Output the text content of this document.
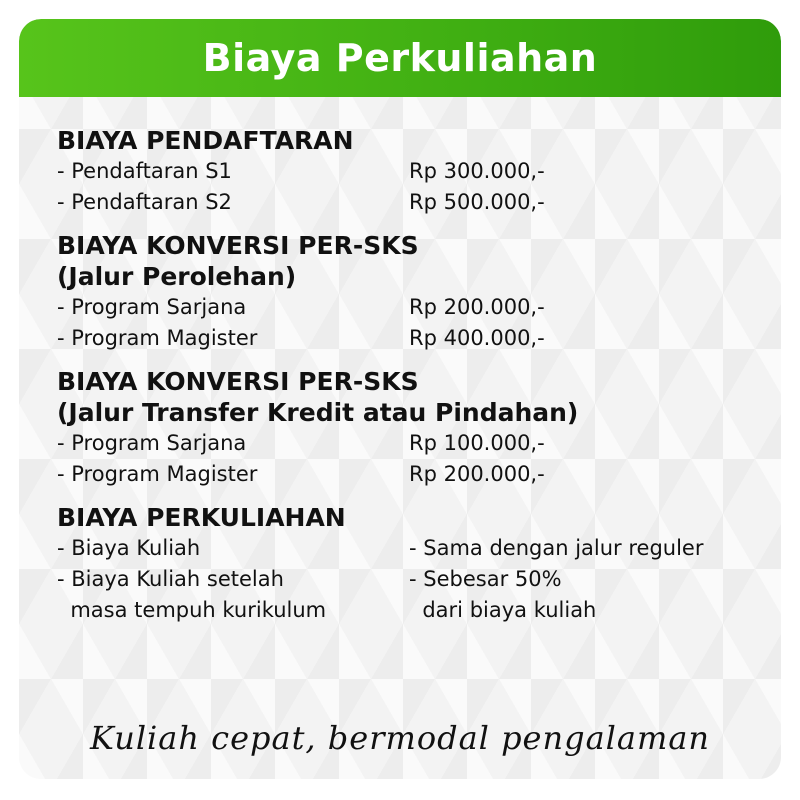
Biaya Perkuliahan
BIAYA PENDAFTARAN
- Pendaftaran S1	Rp 300.000,-
- Pendaftaran S2	Rp 500.000,-
BIAYA KONVERSI PER-SKS
(Jalur Perolehan)
- Program Sarjana	Rp 200.000,-
- Program Magister	Rp 400.000,-
BIAYA KONVERSI PER-SKS
(Jalur Transfer Kredit atau Pindahan)
- Program Sarjana	Rp 100.000,-
- Program Magister	Rp 200.000,-
BIAYA PERKULIAHAN
- Biaya Kuliah	- Sama dengan jalur reguler
- Biaya Kuliah setelah	- Sebesar 50%
masa tempuh kurikulum	dari biaya kuliah
Kuliah cepat, bermodal pengalaman
